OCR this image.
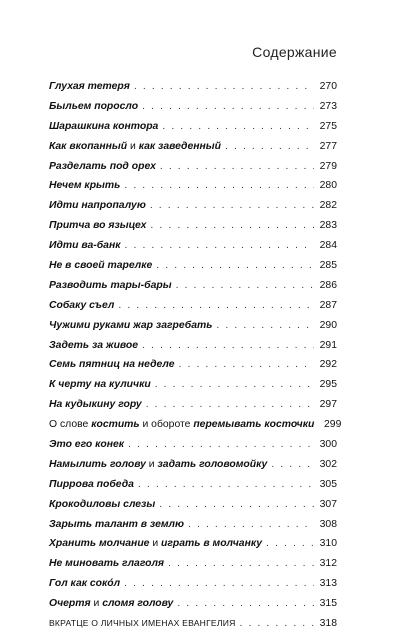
Содержание
Глухая тетеря . . .	270
Быльем поросло . . .	273
Шарашкина контора . . .	275
Как вкопанный и как заведенный . . .	277
Разделать под орех . . .	279
Нечем крыть . . .	280
Идти напропалую . . .	282
Притча во языцех . . .	283
Идти ва-банк . . .	284
Не в своей тарелке . . .	285
Разводить тары-бары . . .	286
Собаку съел . . .	287
Чужими руками жар загребать . . .	290
Задеть за живое . . .	291
Семь пятниц на неделе . . .	292
К черту на кулички . . .	295
На кудыкину гору . . .	297
О слове костить и обороте перемывать косточки 299
Это его конек . . .	300
Намылить голову и задать головомойку . . .	302
Пиррова победа . . .	305
Крокодиловы слезы . . .	307
Зарыть талант в землю . . .	308
Хранить молчание и играть в молчанку . . .	310
Не миновать глаголя . . .	312
Гол как сокóл . . .	313
Очертя и сломя голову . . .	315
ВКРАТЦЕ О ЛИЧНЫХ ИМЕНАХ ЕВАНГЕЛИЯ . . .	318
